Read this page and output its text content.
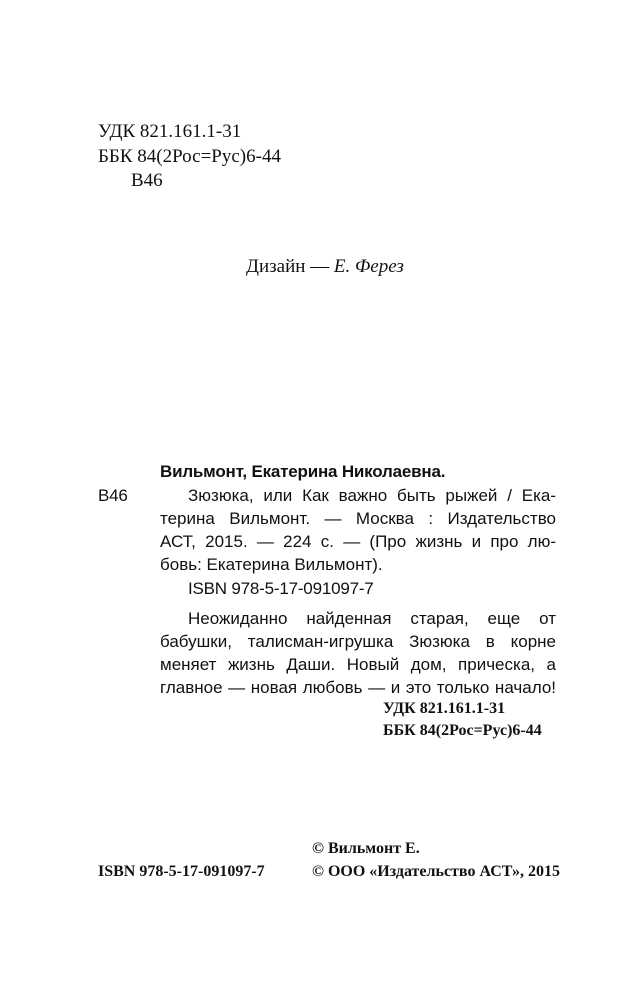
УДК 821.161.1-31
ББК 84(2Рос=Рус)6-44
В46
Дизайн — Е. Ферез
Вильмонт, Екатерина Николаевна.
В46	Зюзюка, или Как важно быть рыжей / Ека-
терина Вильмонт. — Москва : Издательство
АСТ, 2015. — 224 с. — (Про жизнь и про лю-
бовь: Екатерина Вильмонт).
ISBN 978-5-17-091097-7
Неожиданно найденная старая, еще от
бабушки, талисман-игрушка Зюзюка в корне
меняет жизнь Даши. Новый дом, прическа, а
главное — новая любовь — и это только начало!
УДК 821.161.1-31
ББК 84(2Рос=Рус)6-44
© Вильмонт Е.
ISBN 978-5-17-091097-7	© ООО «Издательство АСТ», 2015
